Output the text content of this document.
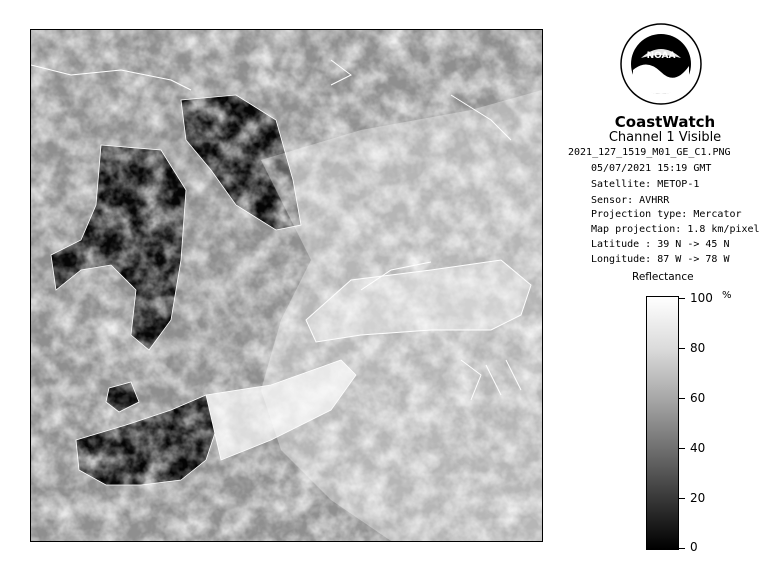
NOAA
CoastWatch
Channel 1 Visible
2021_127_1519_M01_GE_C1.PNG
05/07/2021 15:19 GMT
Satellite: METOP-1
Sensor: AVHRR
Projection type: Mercator
Map projection: 1.8 km/pixel
Latitude : 39 N -> 45 N
Longitude: 87 W -> 78 W
Reflectance
%
100
80
60
40
20
0
